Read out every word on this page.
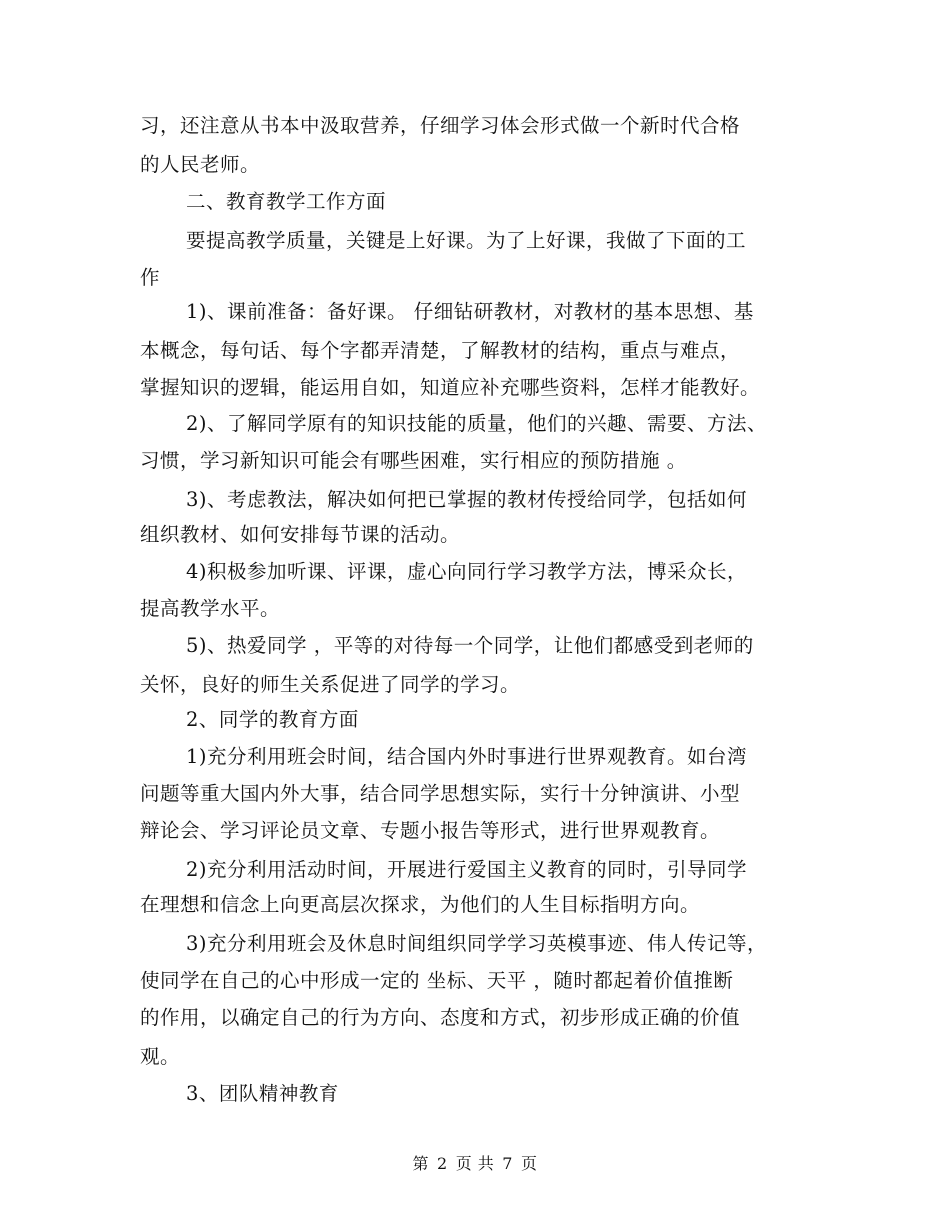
习，还注意从书本中汲取营养，仔细学习体会形式做一个新时代合格
的人民老师。
二、教育教学工作方面
要提高教学质量，关键是上好课。为了上好课，我做了下面的工
作
1)、课前准备：备好课。 仔细钻研教材，对教材的基本思想、基
本概念，每句话、每个字都弄清楚，了解教材的结构，重点与难点，
掌握知识的逻辑，能运用自如，知道应补充哪些资料，怎样才能教好。
2)、了解同学原有的知识技能的质量，他们的兴趣、需要、方法、
习惯，学习新知识可能会有哪些困难，实行相应的预防措施 。
3)、考虑教法，解决如何把已掌握的教材传授给同学，包括如何
组织教材、如何安排每节课的活动。
4)积极参加听课、评课，虚心向同行学习教学方法，博采众长，
提高教学水平。
5)、热爱同学 ，平等的对待每一个同学，让他们都感受到老师的
关怀，良好的师生关系促进了同学的学习。
2、同学的教育方面
1)充分利用班会时间，结合国内外时事进行世界观教育。如台湾
问题等重大国内外大事，结合同学思想实际，实行十分钟演讲、小型
辩论会、学习评论员文章、专题小报告等形式，进行世界观教育。
2)充分利用活动时间，开展进行爱国主义教育的同时，引导同学
在理想和信念上向更高层次探求，为他们的人生目标指明方向。
3)充分利用班会及休息时间组织同学学习英模事迹、伟人传记等，
使同学在自己的心中形成一定的 坐标、天平 ，随时都起着价值推断
的作用，以确定自己的行为方向、态度和方式，初步形成正确的价值
观。
3、团队精神教育
第 2 页 共 7 页
